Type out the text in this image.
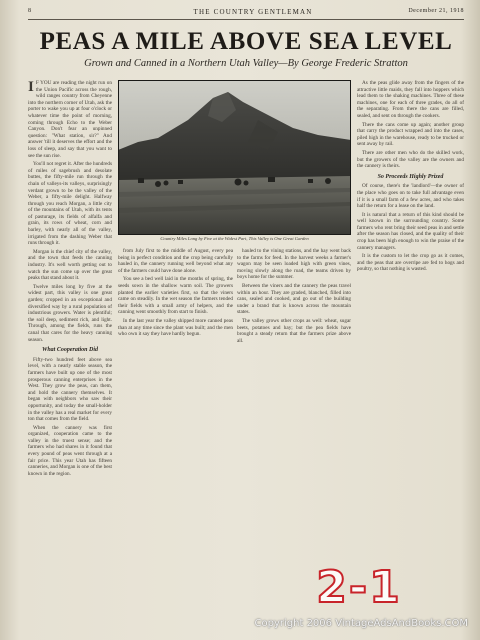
8	THE COUNTRY GENTLEMAN	December 21, 1918
PEAS A MILE ABOVE SEA LEVEL
Grown and Canned in a Northern Utah Valley—By George Frederic Stratton

I F YOU are reading the night run on the Union Pacific across the rough, wild ranges country from Cheyenne into the northern corner of Utah, ask the porter to wake you up at four o'clock or whatever time the point of morning, coming through Echo to the Weber Canyon. Don't fear an unpinned question: "What station, sir?" And answer 'till it deserves the effort and the loss of sleep, and say that you want to see the sun rise.

You'll not regret it. After the hundreds of miles of sagebrush and desolate buttes, the fifty-mile run through the chain of valleys-its valleys, surprisingly verdant grown to be the valley of the Weber, a fifty-mile delight. Halfway through you reach Morgan, a little city of the mountains of Utah, with its tents of pasturage, its fields of alfalfa and grain, its rows of wheat, corn and barley, with nearly all of the valley, irrigated from the dashing Weber that runs through it.

Morgan is the chief city of the valley, and the town that feeds the canning industry. It's well worth getting out to watch the sun come up over the great peaks that stand about it.

Twelve miles long by five at the widest part, this valley is one great garden; cropped in an exceptional and diversified way by a rural population of industrious growers. Water is plentiful; the soil deep, sediment rich, and light. Through, among the fields, runs the canal that cares for the heavy canning season.

What Cooperation Did

Fifty-two hundred feet above sea level, with a nearly stable season, the farmers have built up one of the most prosperous canning enterprises in the West. They grow the peas, can them, and hold the cannery themselves. It began with neighbors who saw their opportunity, and today the small-holder in the valley has a real market for every ton that comes from the field.

When the cannery was first organized, cooperation came to the valley in the truest sense; and the farmers who had shares in it found that every pound of peas went through at a fair price. This year Utah has fifteen canneries, and Morgan is one of the best known in the region.

Country Miles Long by Five at the Widest Part, This Valley is One Great Garden

from July first to the middle of August, every pea being in perfect condition and the crop being carefully hauled in, the cannery running well beyond what any of the farmers could have done alone.

You see a bed well laid in the months of spring, the seeds sown in the shallow warm soil. The growers planted the earlier varieties first, so that the viners came on steadily. In the wet season the farmers tended their fields with a small army of helpers, and the canning went smoothly from start to finish.

In the last year the valley shipped more canned peas than at any time since the plant was built; and the men who own it say they have hardly begun.

hauled to the vining stations, and the hay went back to the farms for feed. In the harvest weeks a farmer's wagon may be seen loaded high with green vines, moving slowly along the road, the teams driven by boys home for the summer.

Between the viners and the cannery the peas travel within an hour. They are graded, blanched, filled into cans, sealed and cooked, and go out of the building under a brand that is known across the mountain states.

The valley grows other crops as well: wheat, sugar beets, potatoes and hay; but the pea fields have brought a steady return that the farmers prize above all.

As the peas glide away from the fingers of the attractive little maids, they fall into hoppers which lead them to the shaking machines. Three of these machines, one for each of three grades, do all of the separating. From there the cans are filled, sealed, and sent on through the cookers.

There the cans come up again; another group that carry the product wrapped and into the cases, piled high in the warehouse, ready to be trucked or sent away by rail.

There are other men who do the skilled work, but the growers of the valley are the owners and the cannery is theirs.

So Proceeds Highly Prized

Of course, there's the 'landlord'—the owner of the place who goes on to take full advantage even if it is a small farm of a few acres, and who takes half the return for a lease on the land.

It is natural that a return of this kind should be well known in the surrounding country. Some farmers who rent bring their seed peas in and settle after the season has closed, and the quality of their crop has been high enough to win the praise of the cannery managers.

It is the custom to let the crop go as it comes, and the peas that are overripe are fed to hogs and poultry, so that nothing is wasted.

2-1
Copyright 2006 VintageAdsAndBooks.COM
